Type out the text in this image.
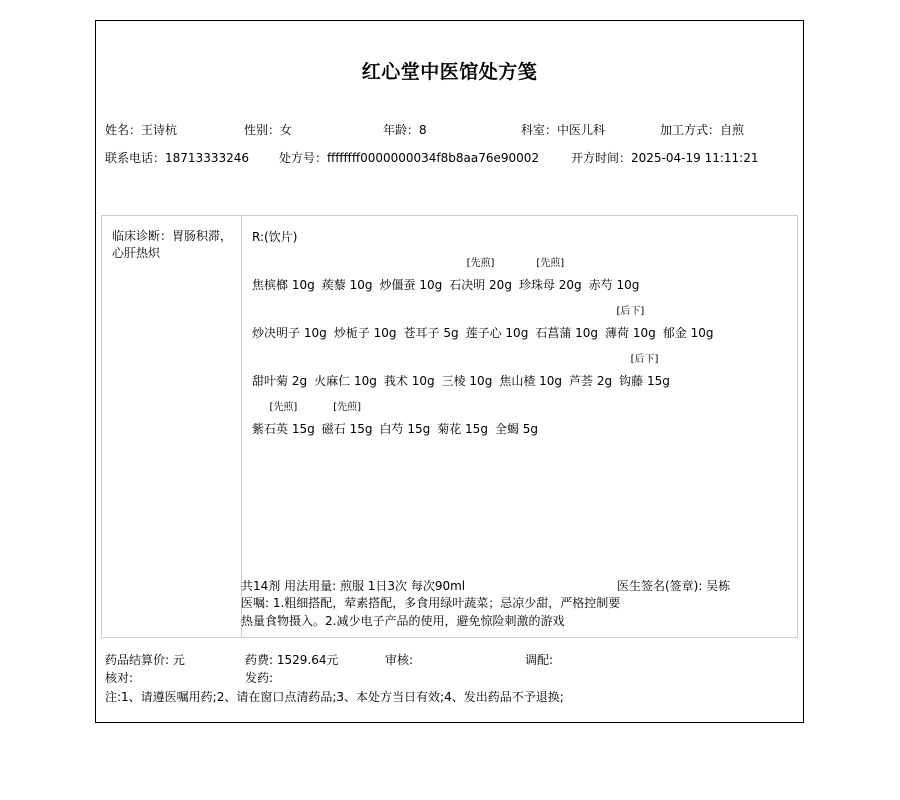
红心堂中医馆处方笺
姓名：王诗杭	性别：女	年龄：8	科室：中医儿科	加工方式：自煎
联系电话：18713333246	处方号：ffffffff0000000034f8b8aa76e90002	开方时间：2025-04-19 11:11:21
临床诊断：胃肠积滞，心肝热炽
R:(饮片)
焦槟榔 10g 蒺藜 10g 炒僵蚕 10g
[先煎]
石决明 20g
[先煎]
珍珠母 20g 赤芍 10g
炒决明子 10g 炒栀子 10g 苍耳子 5g 莲子心 10g 石菖蒲 10g
[后下]
薄荷 10g 郁金 10g
甜叶菊 2g 火麻仁 10g 莪术 10g 三棱 10g 焦山楂 10g 芦荟 2g
[后下]
钩藤 15g
[先煎]
紫石英 15g
[先煎]
磁石 15g 白芍 15g 菊花 15g 全蝎 5g
共14剂 用法用量: 煎服 1日3次 每次90ml	医生签名(签章): 吴栋
医嘱: 1.粗细搭配，荤素搭配，多食用绿叶蔬菜；忌凉少甜，严格控制要热量食物摄入。2.减少电子产品的使用，避免惊险刺激的游戏
药品结算价: 元	药费: 1529.64元	审核:	调配:
核对:	发药:
注:1、请遵医嘱用药;2、请在窗口点清药品;3、本处方当日有效;4、发出药品不予退换;
